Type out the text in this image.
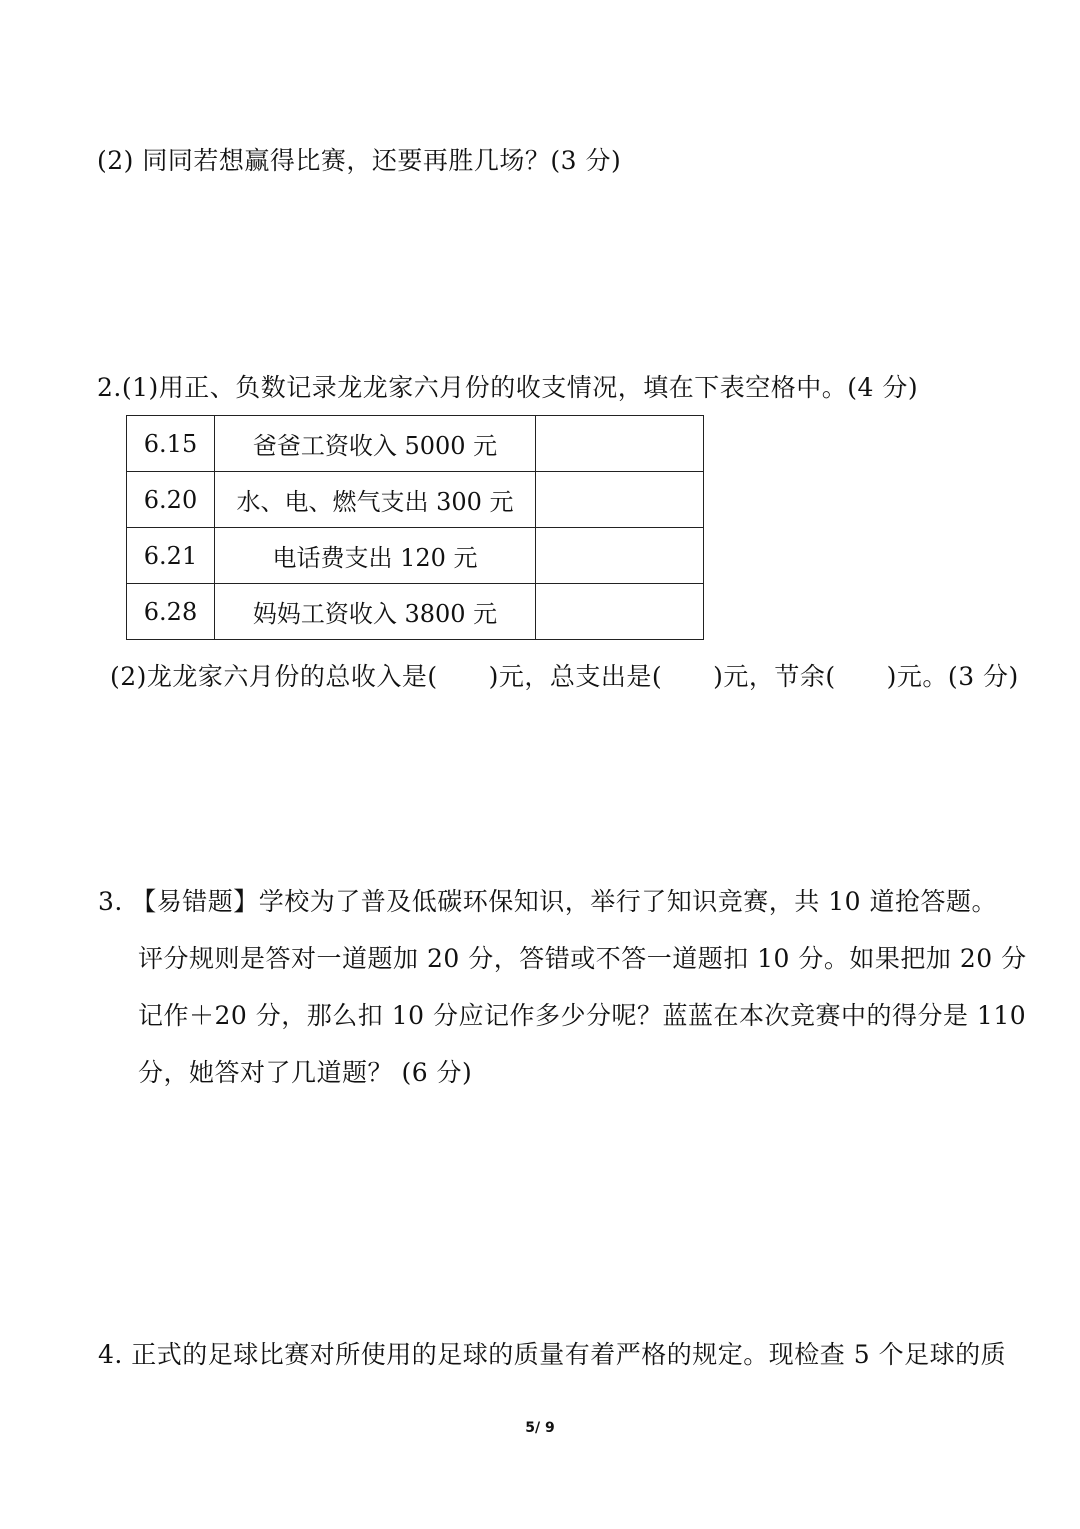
(2) 同同若想赢得比赛，还要再胜几场？(3 分)
2.(1)用正、负数记录龙龙家六月份的收支情况，填在下表空格中。(4 分)
6.15	爸爸工资收入 5000 元	
6.20	水、电、燃气支出 300 元	
6.21	电话费支出 120 元	
6.28	妈妈工资收入 3800 元	
(2)龙龙家六月份的总收入是(　　)元，总支出是(　　)元，节余(　　)元。(3 分)
3. 【易错题】学校为了普及低碳环保知识，举行了知识竞赛，共 10 道抢答题。
评分规则是答对一道题加 20 分，答错或不答一道题扣 10 分。如果把加 20 分
记作＋20 分，那么扣 10 分应记作多少分呢？蓝蓝在本次竞赛中的得分是 110
分，她答对了几道题？ (6 分)
4. 正式的足球比赛对所使用的足球的质量有着严格的规定。现检查 5 个足球的质
5/ 9
